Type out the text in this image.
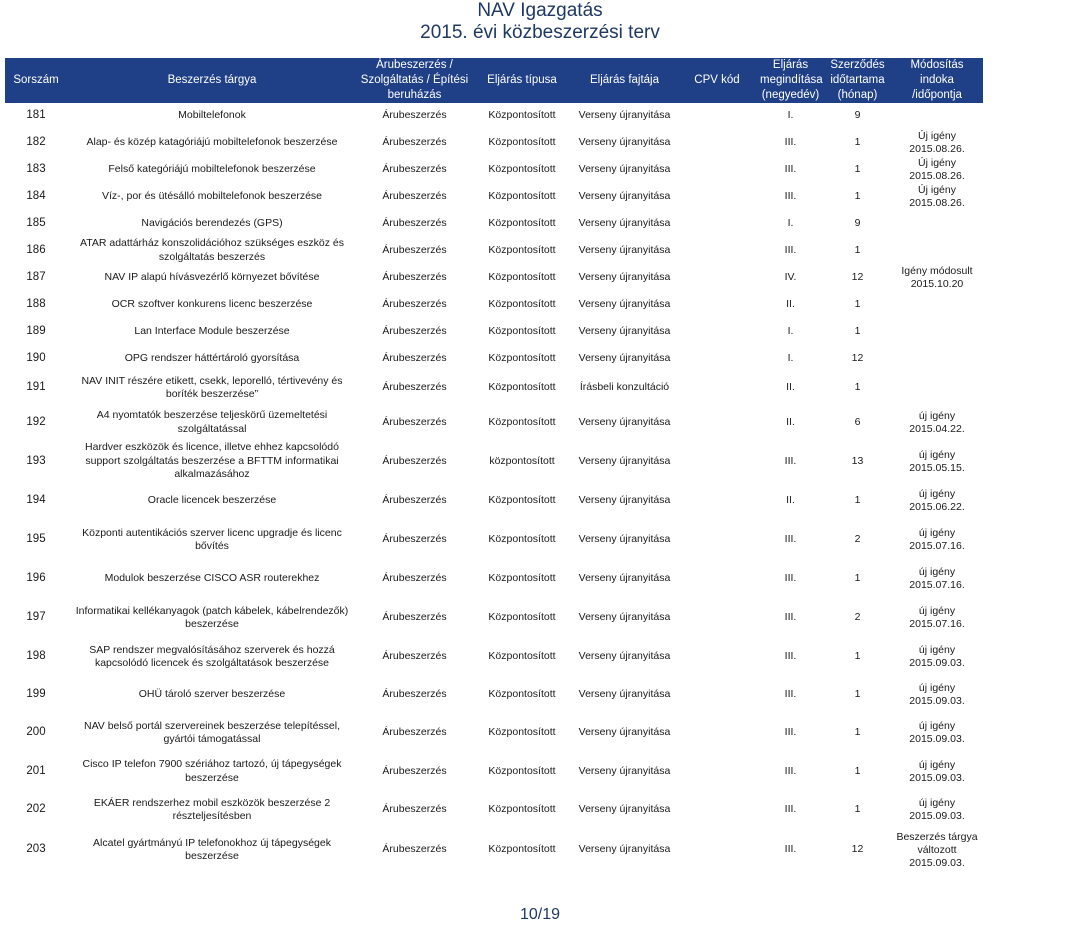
NAV Igazgatás
2015. évi közbeszerzési terv
Sorszám	Beszerzés tárgya	Árubeszerzés / Szolgáltatás / Építési beruházás	Eljárás típusa	Eljárás fajtája	CPV kód	Eljárás megindítása (negyedév)	Szerződés időtartama (hónap)	Módosítás indoka /időpontja
181	Mobiltelefonok	Árubeszerzés	Központosított	Verseny újranyitása		I.	9	
182	Alap- és közép katagóriájú mobiltelefonok beszerzése	Árubeszerzés	Központosított	Verseny újranyitása		III.	1	Új igény 2015.08.26.
183	Felső kategóriájú mobiltelefonok beszerzése	Árubeszerzés	Központosított	Verseny újranyitása		III.	1	Új igény 2015.08.26.
184	Víz-, por és ütésálló mobiltelefonok beszerzése	Árubeszerzés	Központosított	Verseny újranyitása		III.	1	Új igény 2015.08.26.
185	Navigációs berendezés (GPS)	Árubeszerzés	Központosított	Verseny újranyitása		I.	9	
186	ATAR adattárház konszolidációhoz szükséges eszköz és szolgáltatás beszerzés	Árubeszerzés	Központosított	Verseny újranyitása		III.	1	
187	NAV IP alapú hívásvezérlő környezet bővítése	Árubeszerzés	Központosított	Verseny újranyitása		IV.	12	Igény módosult 2015.10.20
188	OCR szoftver konkurens licenc beszerzése	Árubeszerzés	Központosított	Verseny újranyitása		II.	1	
189	Lan Interface Module beszerzése	Árubeszerzés	Központosított	Verseny újranyitása		I.	1	
190	OPG rendszer háttértároló gyorsítása	Árubeszerzés	Központosított	Verseny újranyitása		I.	12	
191	NAV INIT részére etikett, csekk, leporelló, tértivevény és boríték beszerzése”	Árubeszerzés	Központosított	Írásbeli konzultáció		II.	1	
192	A4 nyomtatók beszerzése teljeskörű üzemeltetési szolgáltatással	Árubeszerzés	Központosított	Verseny újranyitása		II.	6	új igény 2015.04.22.
193	Hardver eszközök és licence, illetve ehhez kapcsolódó support szolgáltatás beszerzése a BFTTM informatikai alkalmazásához	Árubeszerzés	központosított	Verseny újranyitása		III.	13	új igény 2015.05.15.
194	Oracle licencek beszerzése	Árubeszerzés	Központosított	Verseny újranyitása		II.	1	új igény 2015.06.22.
195	Központi autentikációs szerver licenc upgradje és licenc bővítés	Árubeszerzés	Központosított	Verseny újranyitása		III.	2	új igény 2015.07.16.
196	Modulok beszerzése CISCO ASR routerekhez	Árubeszerzés	Központosított	Verseny újranyitása		III.	1	új igény 2015.07.16.
197	Informatikai kellékanyagok (patch kábelek, kábelrendezők) beszerzése	Árubeszerzés	Központosított	Verseny újranyitása		III.	2	új igény 2015.07.16.
198	SAP rendszer megvalósításához szerverek és hozzá kapcsolódó licencek és szolgáltatások beszerzése	Árubeszerzés	Központosított	Verseny újranyitása		III.	1	új igény 2015.09.03.
199	OHÜ tároló szerver beszerzése	Árubeszerzés	Központosított	Verseny újranyitása		III.	1	új igény 2015.09.03.
200	NAV belső portál szervereinek beszerzése telepítéssel, gyártói támogatással	Árubeszerzés	Központosított	Verseny újranyitása		III.	1	új igény 2015.09.03.
201	Cisco IP telefon 7900 szériához tartozó, új tápegységek beszerzése	Árubeszerzés	Központosított	Verseny újranyitása		III.	1	új igény 2015.09.03.
202	EKÁER rendszerhez mobil eszközök beszerzése 2 részteljesítésben	Árubeszerzés	Központosított	Verseny újranyitása		III.	1	új igény 2015.09.03.
203	Alcatel gyártmányú IP telefonokhoz új tápegységek beszerzése	Árubeszerzés	Központosított	Verseny újranyitása		III.	12	Beszerzés tárgya változott 2015.09.03.
10/19
